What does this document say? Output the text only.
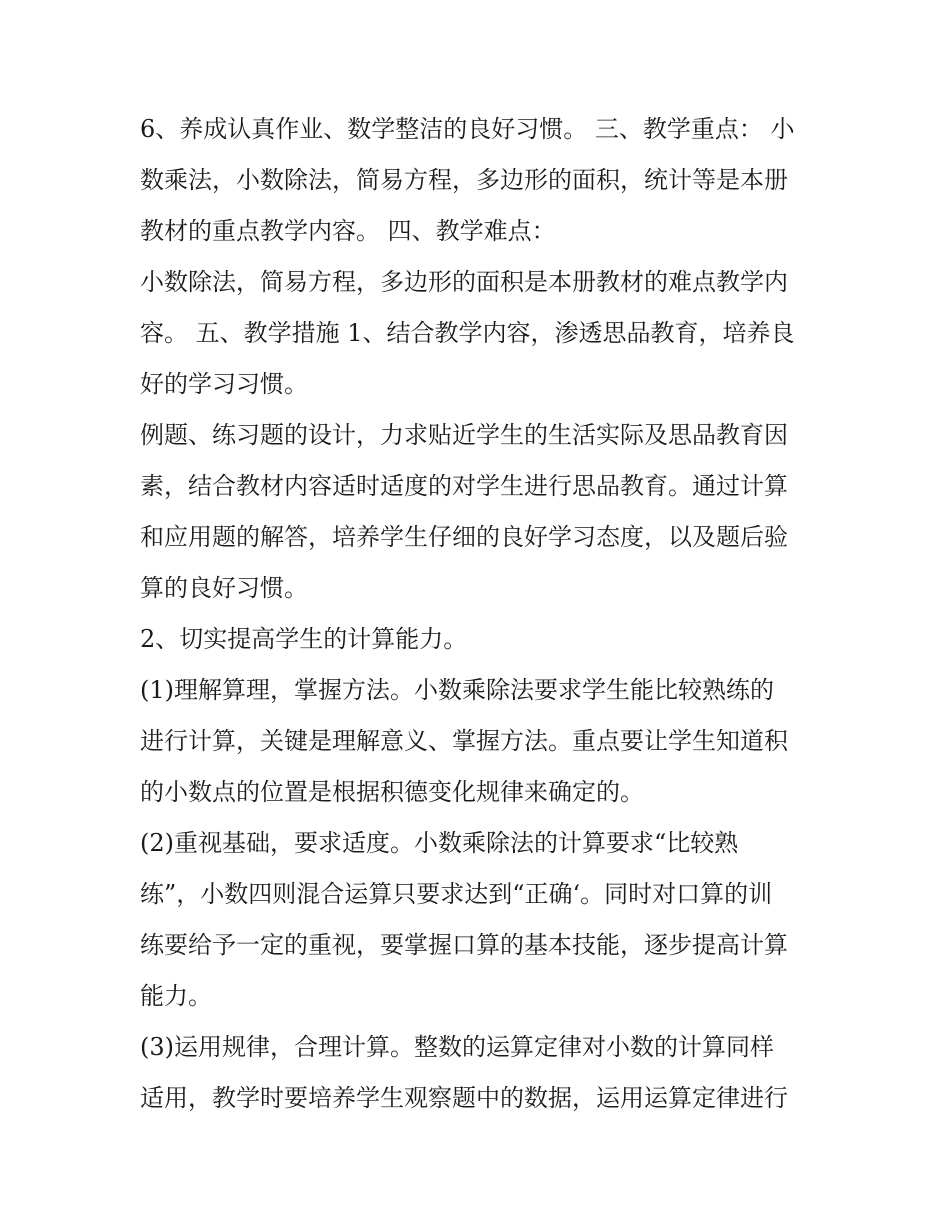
6、养成认真作业、数学整洁的良好习惯。 三、教学重点： 小
数乘法，小数除法，简易方程，多边形的面积，统计等是本册
教材的重点教学内容。 四、教学难点：

小数除法，简易方程，多边形的面积是本册教材的难点教学内
容。 五、教学措施 1、结合教学内容，渗透思品教育，培养良
好的学习习惯。

例题、练习题的设计，力求贴近学生的生活实际及思品教育因
素，结合教材内容适时适度的对学生进行思品教育。通过计算
和应用题的解答，培养学生仔细的良好学习态度，以及题后验
算的良好习惯。

2、切实提高学生的计算能力。

(1)理解算理，掌握方法。小数乘除法要求学生能比较熟练的
进行计算，关键是理解意义、掌握方法。重点要让学生知道积
的小数点的位置是根据积德变化规律来确定的。

(2)重视基础，要求适度。小数乘除法的计算要求“比较熟
练”，小数四则混合运算只要求达到“正确‘。同时对口算的训
练要给予一定的重视，要掌握口算的基本技能，逐步提高计算
能力。

(3)运用规律，合理计算。整数的运算定律对小数的计算同样
适用，教学时要培养学生观察题中的数据，运用运算定律进行
